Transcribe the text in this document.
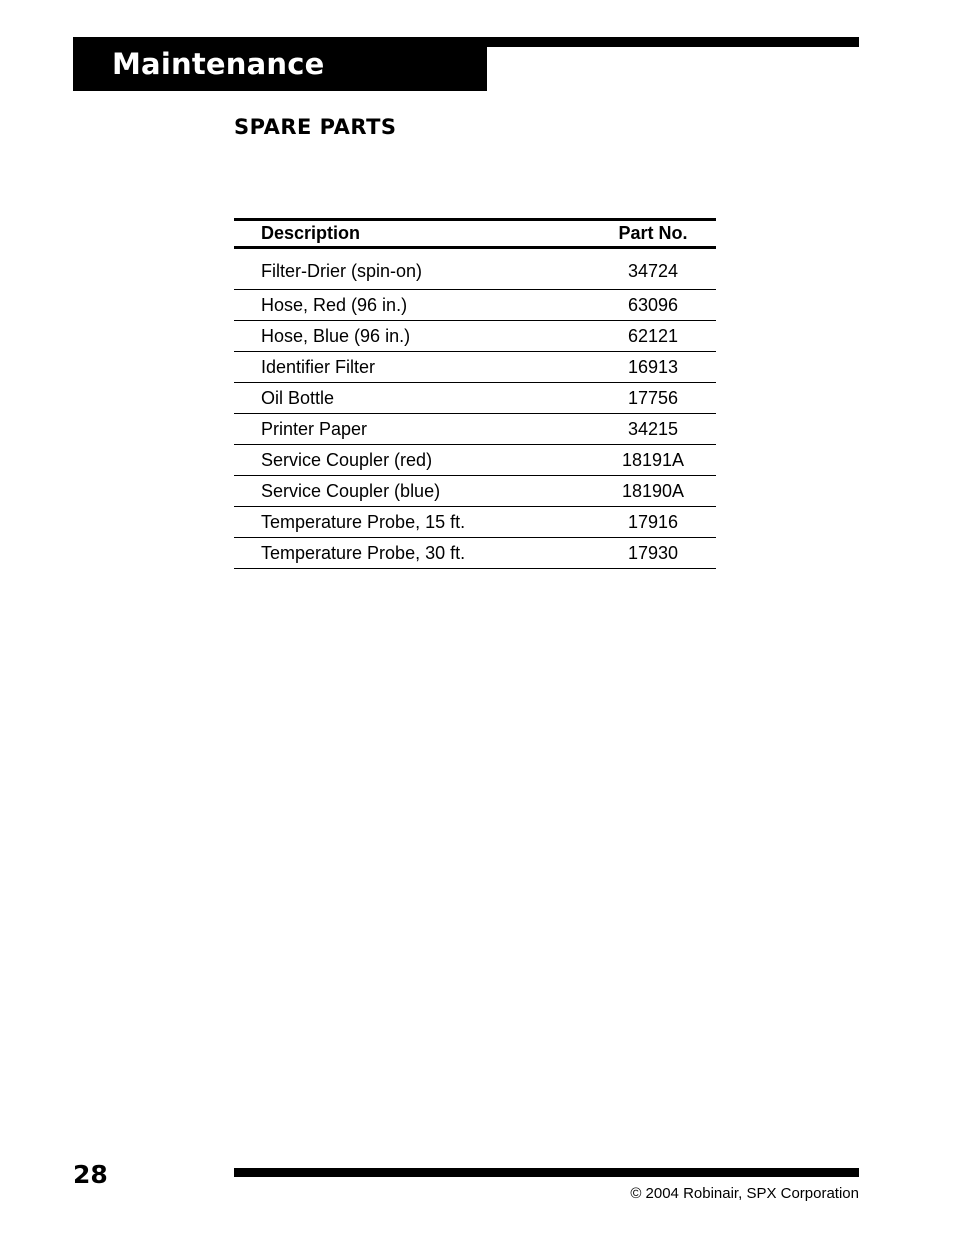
Maintenance
SPARE PARTS
Description	Part No.
Filter-Drier (spin-on)	34724
Hose, Red (96 in.)	63096
Hose, Blue (96 in.)	62121
Identifier Filter	16913
Oil Bottle	17756
Printer Paper	34215
Service Coupler (red)	18191A
Service Coupler (blue)	18190A
Temperature Probe, 15 ft.	17916
Temperature Probe, 30 ft.	17930
28
© 2004 Robinair, SPX Corporation
